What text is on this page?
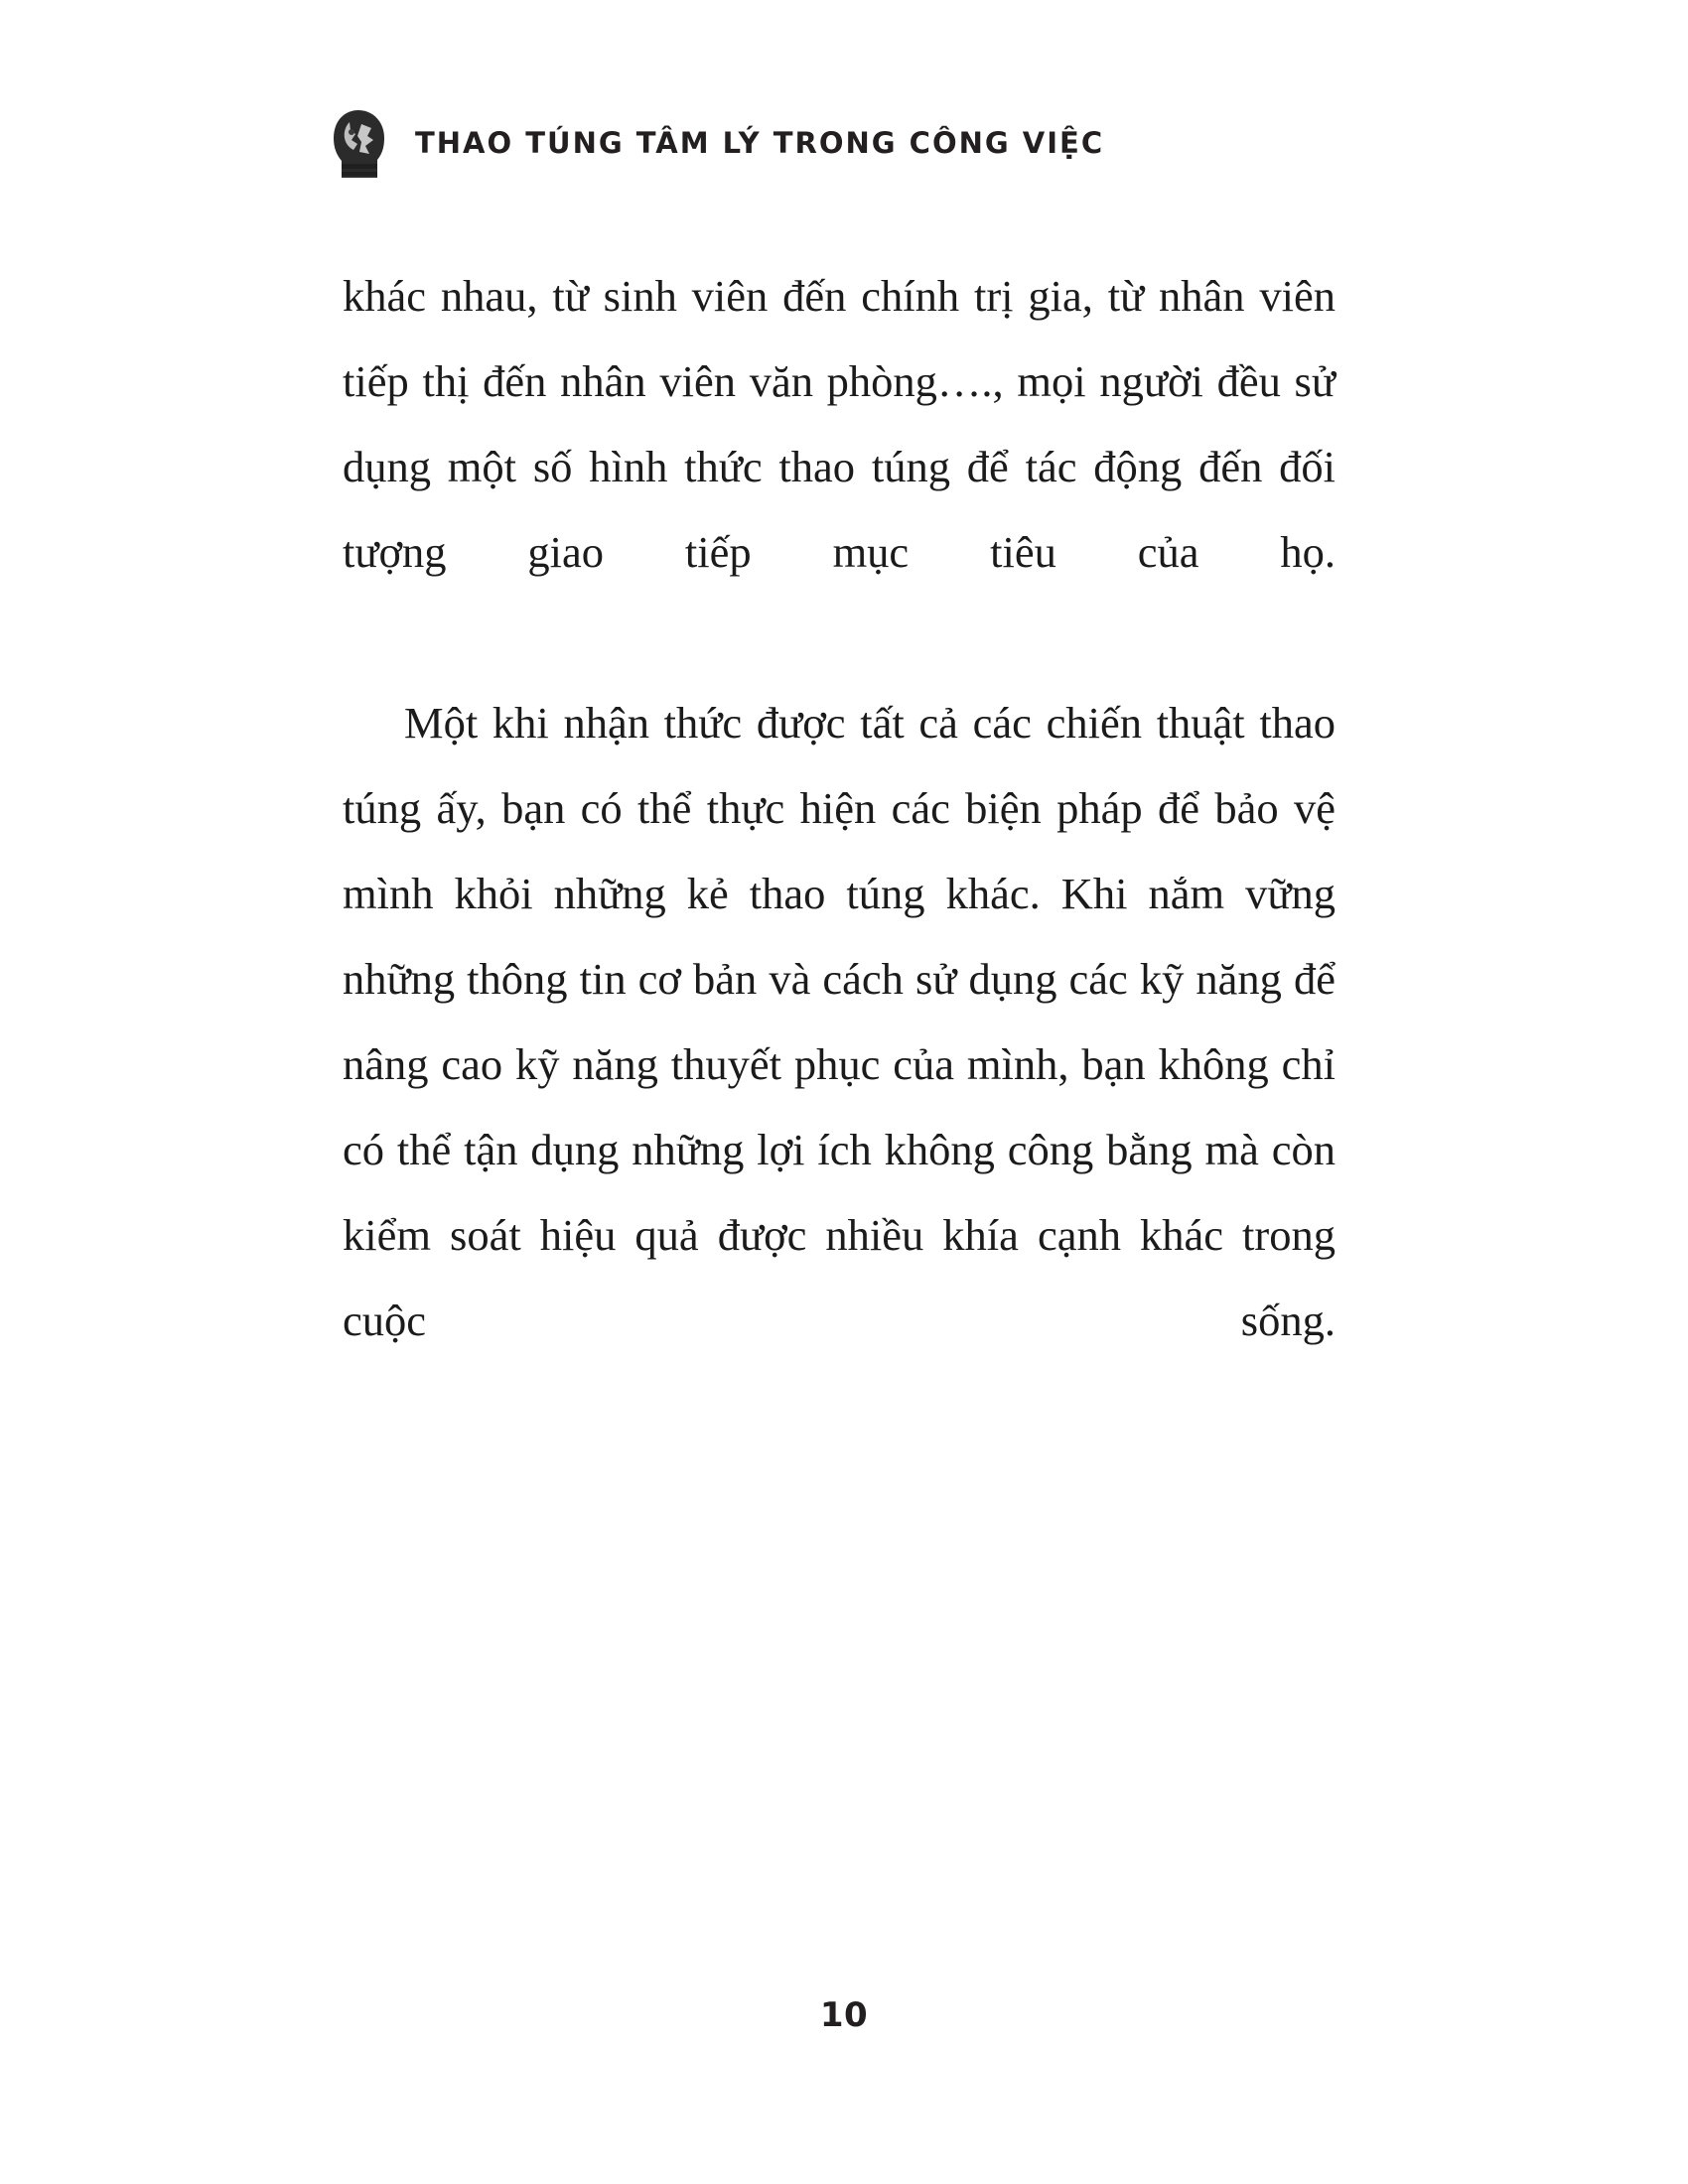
THAO TÚNG TÂM LÝ TRONG CÔNG VIỆC

khác nhau, từ sinh viên đến chính trị gia, từ nhân viên tiếp thị đến nhân viên văn phòng…., mọi người đều sử dụng một số hình thức thao túng để tác động đến đối tượng giao tiếp mục tiêu của họ.

Một khi nhận thức được tất cả các chiến thuật thao túng ấy, bạn có thể thực hiện các biện pháp để bảo vệ mình khỏi những kẻ thao túng khác. Khi nắm vững những thông tin cơ bản và cách sử dụng các kỹ năng để nâng cao kỹ năng thuyết phục của mình, bạn không chỉ có thể tận dụng những lợi ích không công bằng mà còn kiểm soát hiệu quả được nhiều khía cạnh khác trong cuộc sống.

10
